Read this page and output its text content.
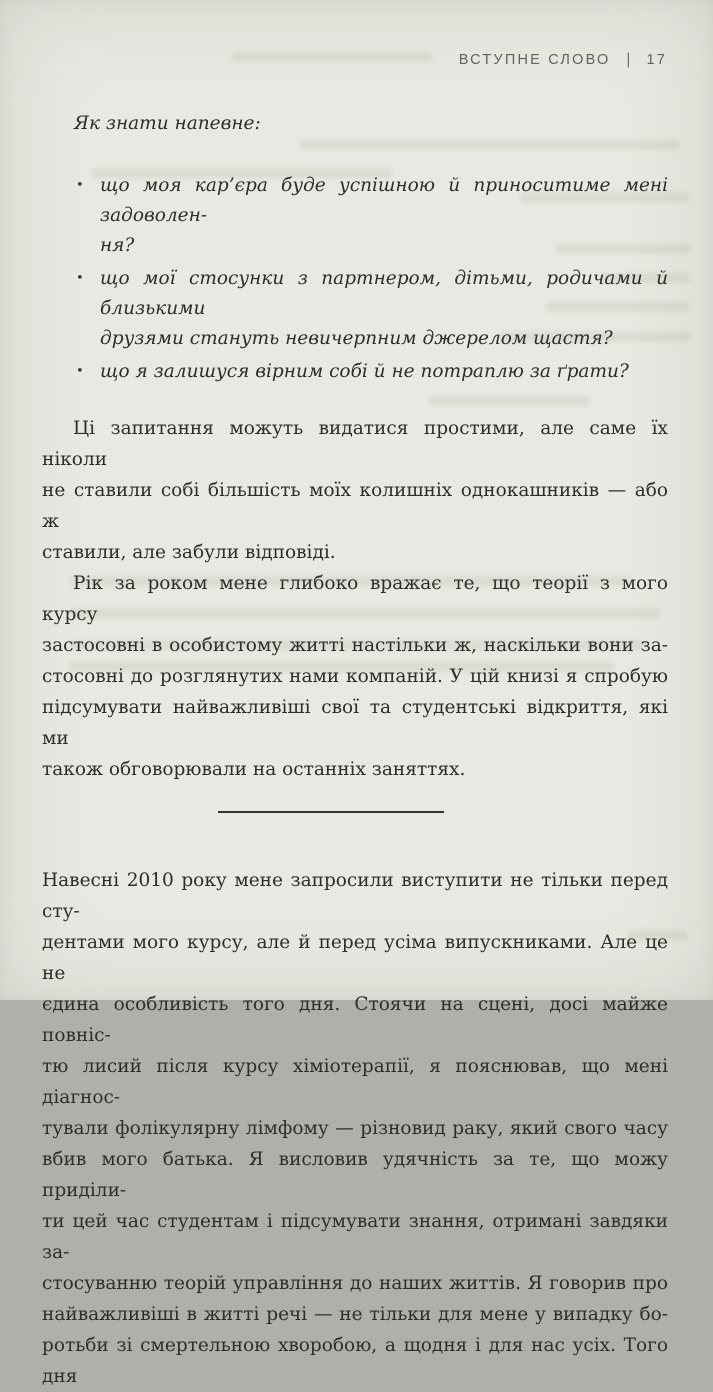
ВСТУПНЕ СЛОВО | 17

Як знати напевне:

• що моя кар’єра буде успішною й приноситиме мені задоволен-
ня?
• що мої стосунки з партнером, дітьми, родичами й близькими
друзями стануть невичерпним джерелом щастя?
• що я залишуся вірним собі й не потраплю за ґрати?
Ці запитання можуть видатися простими, але саме їх ніколи
не ставили собі більшість моїх колишніх однокашників — або ж
ставили, але забули відповіді.
Рік за роком мене глибоко вражає те, що теорії з мого курсу
застосовні в особистому житті настільки ж, наскільки вони за-
стосовні до розглянутих нами компаній. У цій книзі я спробую
підсумувати найважливіші свої та студентські відкриття, які ми
також обговорювали на останніх заняттях.
Навесні 2010 року мене запросили виступити не тільки перед сту-
дентами мого курсу, але й перед усіма випускниками. Але це не
єдина особливість того дня. Стоячи на сцені, досі майже повніс-
тю лисий після курсу хіміотерапії, я пояснював, що мені діагнос-
тували фолікулярну лімфому — різновид раку, який свого часу
вбив мого батька. Я висловив удячність за те, що можу приділи-
ти цей час студентам і підсумувати знання, отримані завдяки за-
стосуванню теорій управління до наших життів. Я говорив про
найважливіші в житті речі — не тільки для мене у випадку бо-
ротьби зі смертельною хворобою, а щодня і для нас усіх. Того дня
